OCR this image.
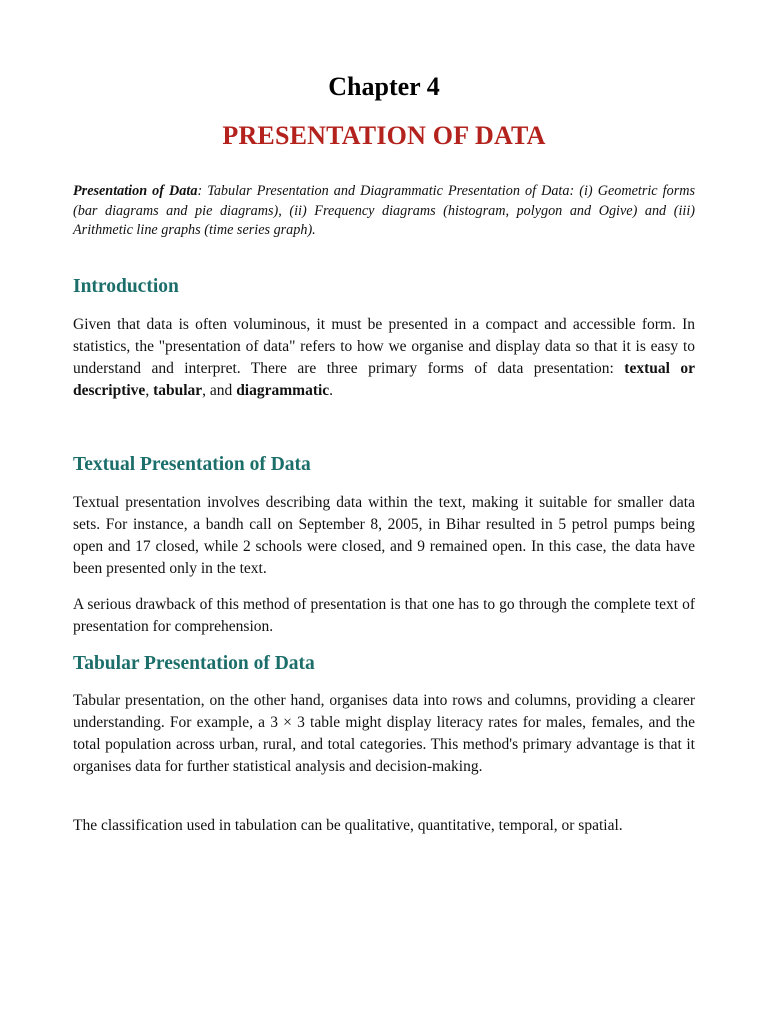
Chapter 4
PRESENTATION OF DATA

Presentation of Data: Tabular Presentation and Diagrammatic Presentation of Data: (i) Geometric forms (bar diagrams and pie diagrams), (ii) Frequency diagrams (histogram, polygon and Ogive) and (iii) Arithmetic line graphs (time series graph).

Introduction

Given that data is often voluminous, it must be presented in a compact and accessible form. In statistics, the "presentation of data" refers to how we organise and display data so that it is easy to understand and interpret. There are three primary forms of data presentation: textual or descriptive, tabular, and diagrammatic.

Textual Presentation of Data

Textual presentation involves describing data within the text, making it suitable for smaller data sets. For instance, a bandh call on September 8, 2005, in Bihar resulted in 5 petrol pumps being open and 17 closed, while 2 schools were closed, and 9 remained open. In this case, the data have been presented only in the text.

A serious drawback of this method of presentation is that one has to go through the complete text of presentation for comprehension.

Tabular Presentation of Data

Tabular presentation, on the other hand, organises data into rows and columns, providing a clearer understanding. For example, a 3 × 3 table might display literacy rates for males, females, and the total population across urban, rural, and total categories. This method's primary advantage is that it organises data for further statistical analysis and decision-making.

The classification used in tabulation can be qualitative, quantitative, temporal, or spatial.
